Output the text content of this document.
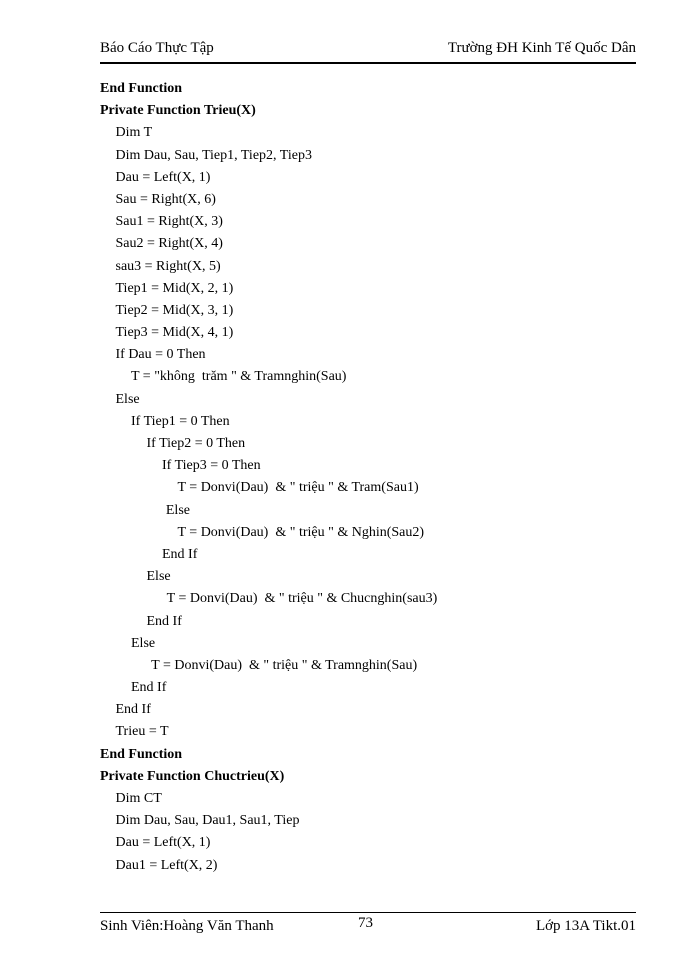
Báo Cáo Thực Tập	Trường ĐH Kinh Tế Quốc Dân
End Function
Private Function Trieu(X)
Dim T
Dim Dau, Sau, Tiep1, Tiep2, Tiep3
Dau = Left(X, 1)
Sau = Right(X, 6)
Sau1 = Right(X, 3)
Sau2 = Right(X, 4)
sau3 = Right(X, 5)
Tiep1 = Mid(X, 2, 1)
Tiep2 = Mid(X, 3, 1)
Tiep3 = Mid(X, 4, 1)
If Dau = 0 Then
T = "không  trăm " & Tramnghin(Sau)
Else
If Tiep1 = 0 Then
If Tiep2 = 0 Then
If Tiep3 = 0 Then
T = Donvi(Dau)  & " triệu " & Tram(Sau1)
Else
T = Donvi(Dau)  & " triệu " & Nghin(Sau2)
End If
Else
T = Donvi(Dau)  & " triệu " & Chucnghin(sau3)
End If
Else
T = Donvi(Dau)  & " triệu " & Tramnghin(Sau)
End If
End If
Trieu = T
End Function
Private Function Chuctrieu(X)
Dim CT
Dim Dau, Sau, Dau1, Sau1, Tiep
Dau = Left(X, 1)
Dau1 = Left(X, 2)
Sinh Viên:Hoàng Văn Thanh	73	Lớp 13A Tikt.01
